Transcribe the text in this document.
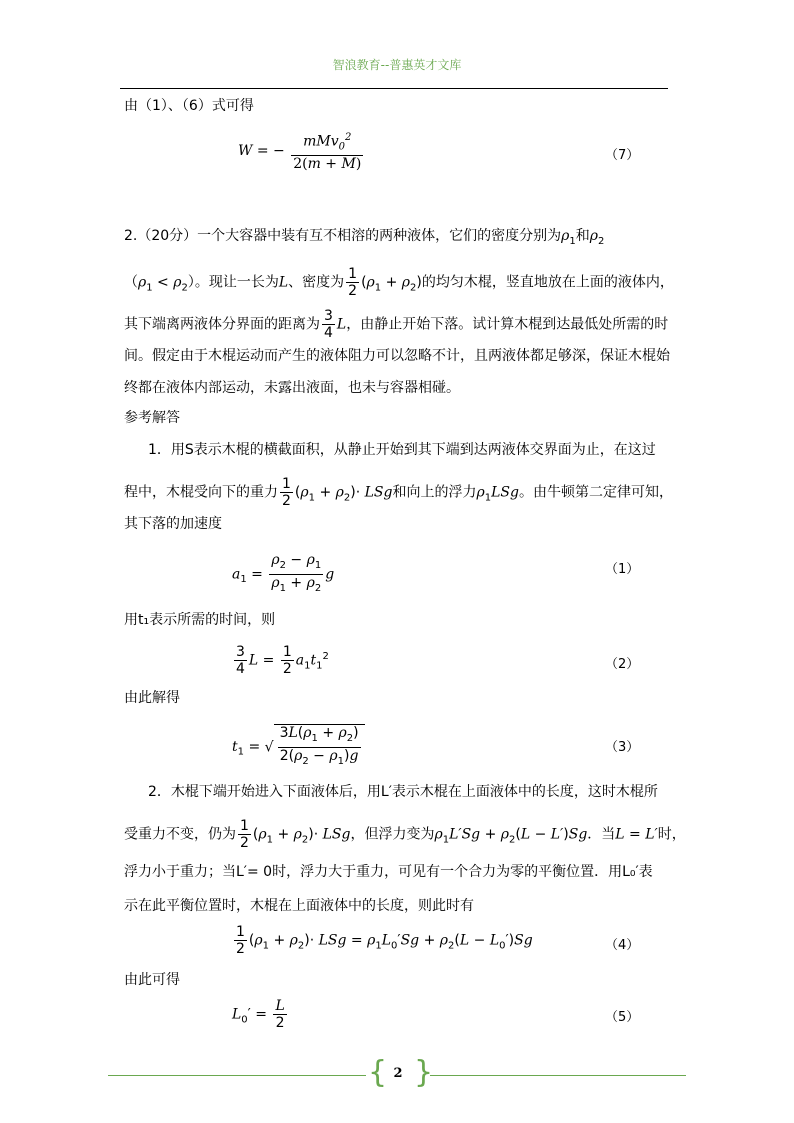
智浪教育--普惠英才文库
由（1）、（6）式可得
W = − $\frac{mMv_0^2}{2(m + M)}$	（7）
2.（20分）一个大容器中装有互不相溶的两种液体，它们的密度分别为$\rho_1$和$\rho_2$
$(\rho_1 < \rho_2)$。现让一长为L、密度为 $\frac{1}{2} (\rho_1 + \rho_2)$的均匀木棍，竖直地放在上面的液体内，
其下端离两液体分界面的距离为 $\frac{3}{4}$ L，由静止开始下落。试计算木棍到达最低处所需的时
间。假定由于木棍运动而产生的液体阻力可以忽略不计，且两液体都足够深，保证木棍始
终都在液体内部运动，未露出液面，也未与容器相碰。
参考解答
1．用S表示木棍的横截面积，从静止开始到其下端到达两液体交界面为止，在这过
程中，木棍受向下的重力 $\frac{1}{2} (\rho_1 + \rho_2)\cdot$ LSg和向上的浮力$\rho_1LSg$。由牛顿第二定律可知，
其下落的加速度
$a_1 = \frac{\rho_2 - \rho_1}{\rho_1 + \rho_2}$ g	（1）
用t₁表示所需的时间，则
$\frac{3}{4}$ $L = \frac{1}{2} a_1t_1^2$
（2）
由此解得
$t_1$ = √ $\frac{3L(\rho_1 + \rho_2)}{2(\rho_2 - \rho_1)g}$	（3）
2．木棍下端开始进入下面液体后，用L′表示木棍在上面液体中的长度，这时木棍所
受重力不变，仍为 $\frac{1}{2} (\rho_1 + \rho_2)\cdot$ LSg，但浮力变为$\rho_1L'Sg + \rho_2(L - L')Sg$．当L = L′时，
浮力小于重力；当L′= 0时，浮力大于重力，可见有一个合力为零的平衡位置．用L₀′表
示在此平衡位置时，木棍在上面液体中的长度，则此时有
$\frac{1}{2} (\rho_1 + \rho_2)\cdot$ LSg = $\rho_1L_0'Sg + \rho_2(L - L_0')Sg$	（4）
由此可得
$L_0' = \frac{L}{2}$	（5）
{ 2 }
